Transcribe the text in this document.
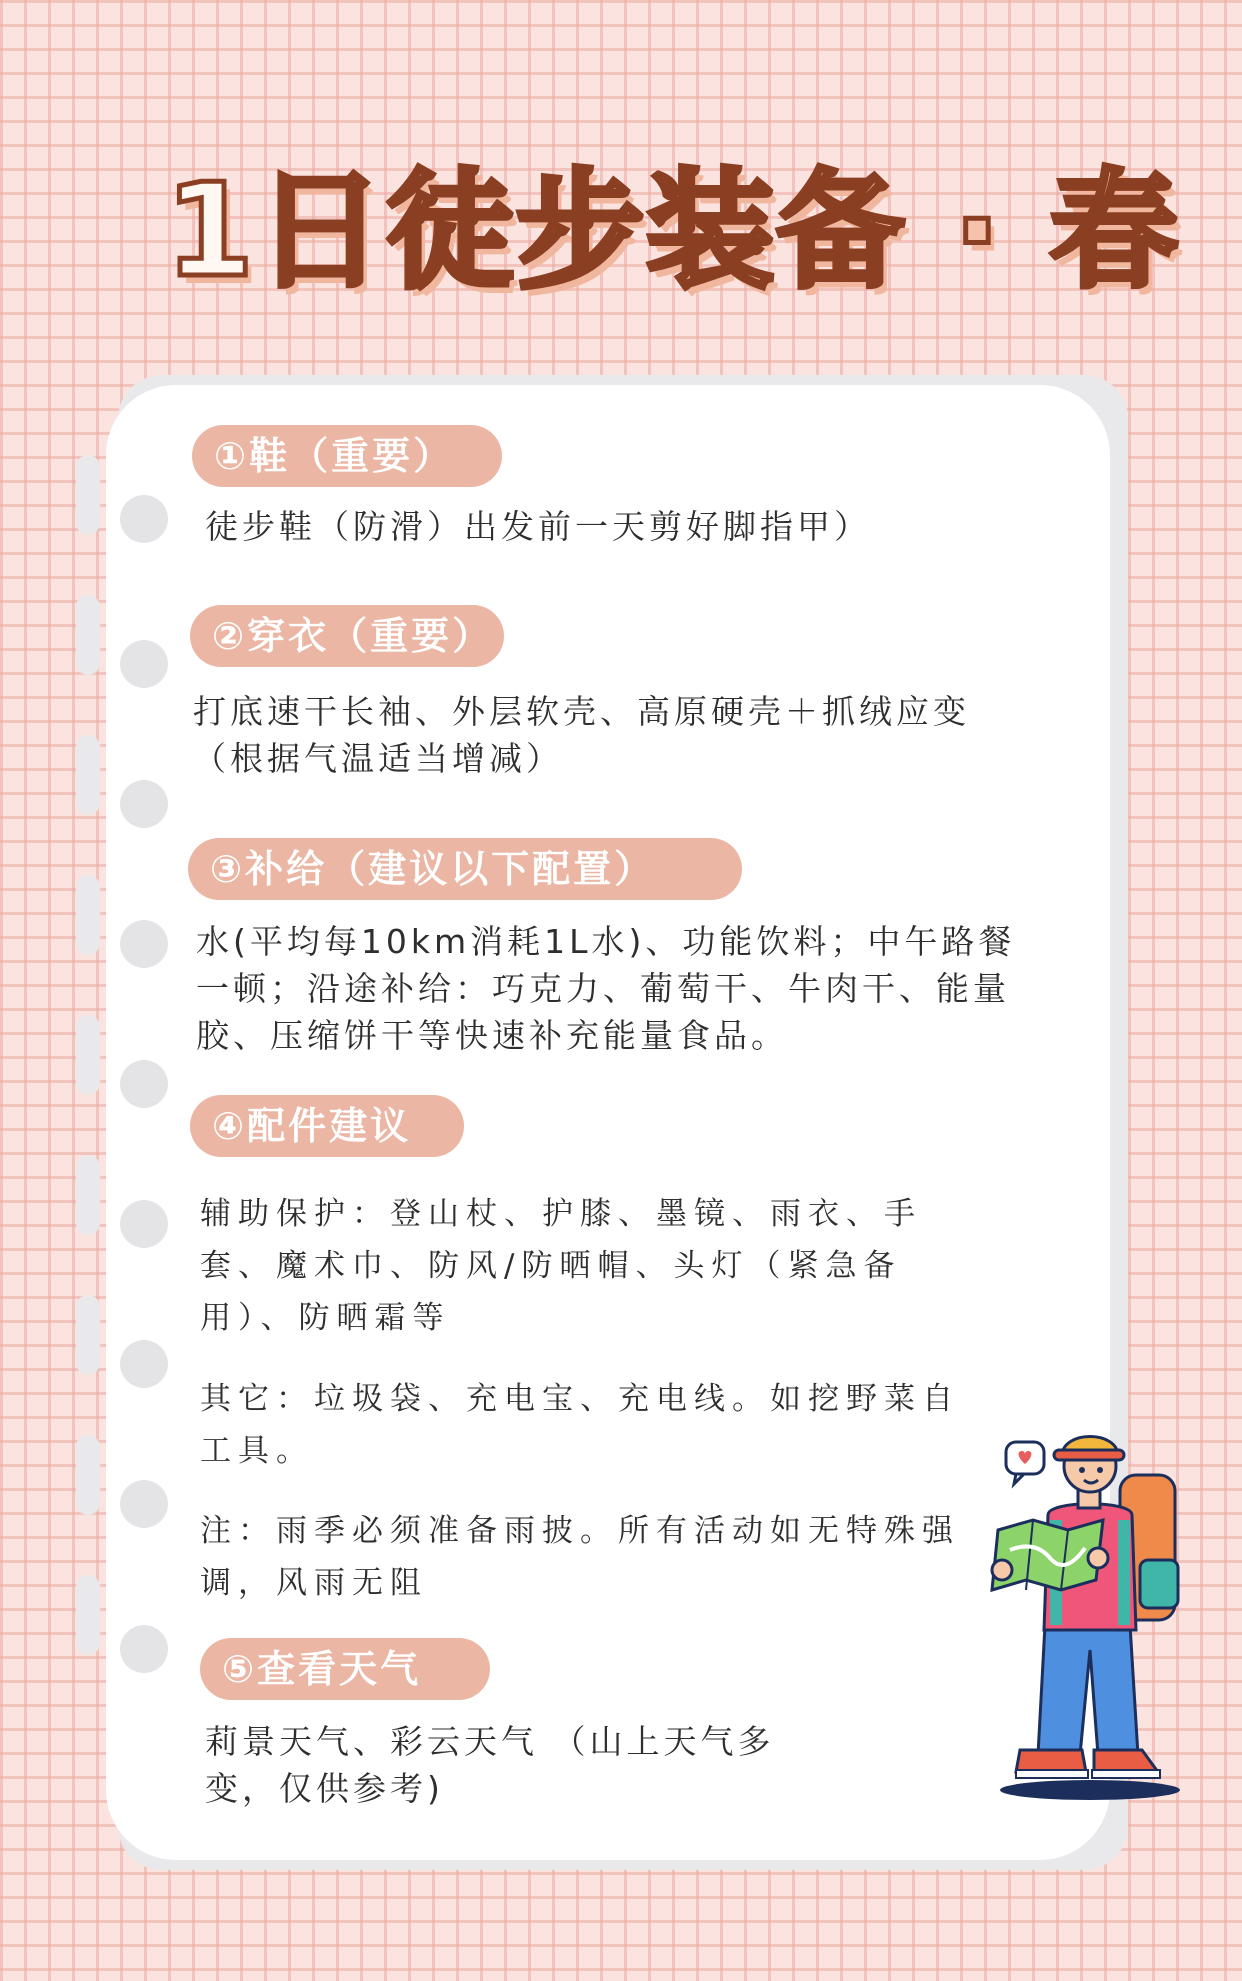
1日徒步装备 · 春
①鞋（重要）
徒步鞋（防滑）出发前一天剪好脚指甲）
②穿衣（重要）
打底速干长袖、外层软壳、高原硬壳＋抓绒应变
（根据气温适当增减）
③补给（建议以下配置）
水(平均每10km消耗1L水)、功能饮料；中午路餐
一顿；沿途补给：巧克力、葡萄干、牛肉干、能量
胶、压缩饼干等快速补充能量食品。
④配件建议
辅助保护：登山杖、护膝、墨镜、雨衣、手
套、魔术巾、防风/防晒帽、头灯（紧急备
用）、防晒霜等
其它：垃圾袋、充电宝、充电线。如挖野菜自
工具。
注：雨季必须准备雨披。所有活动如无特殊强
调，风雨无阻
⑤查看天气
莉景天气、彩云天气 （山上天气多
变，仅供参考)
